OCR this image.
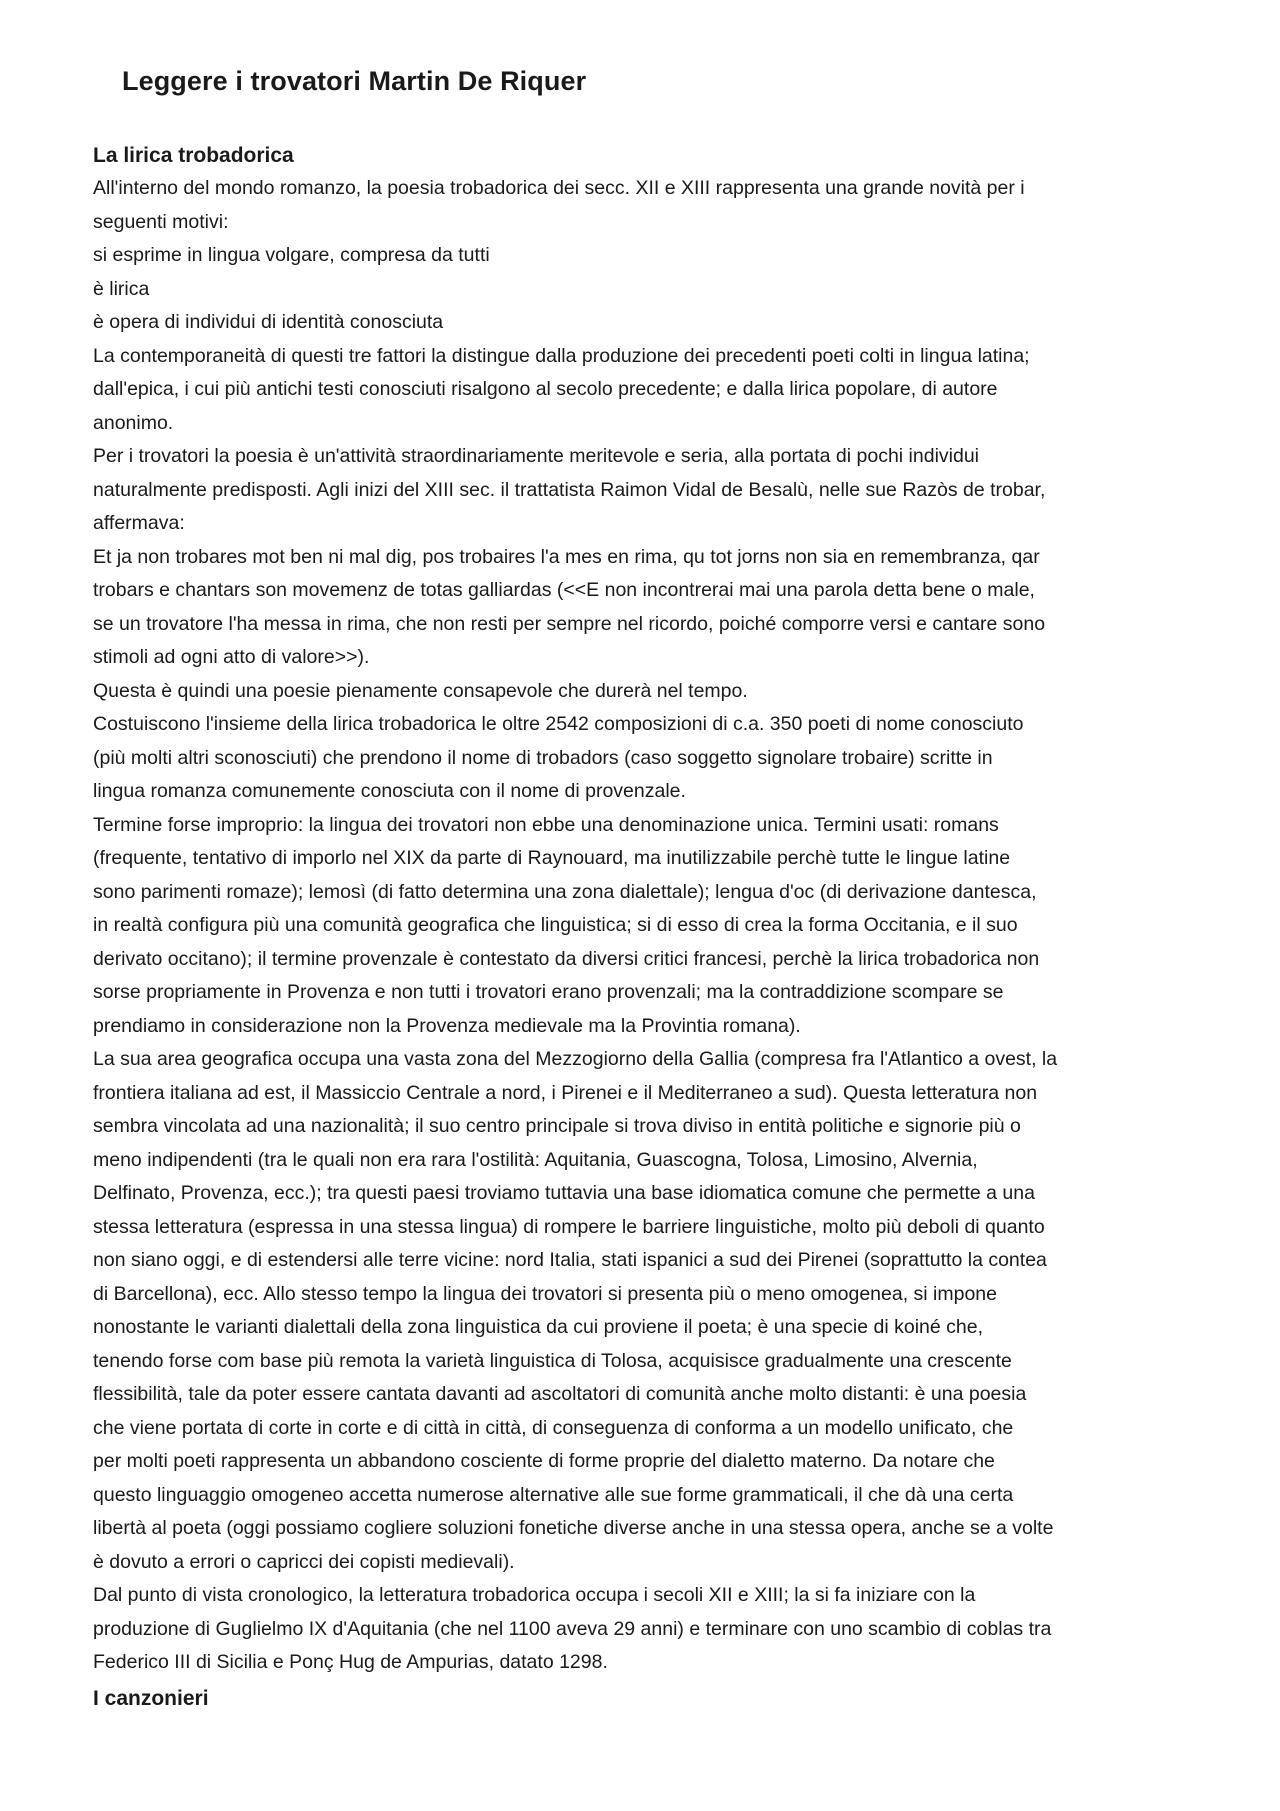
Leggere i trovatori Martin De Riquer
La lirica trobadorica

All'interno del mondo romanzo, la poesia trobadorica dei secc. XII e XIII rappresenta una grande novità per i

seguenti motivi:

si esprime in lingua volgare, compresa da tutti

è lirica

è opera di individui di identità conosciuta

La contemporaneità di questi tre fattori la distingue dalla produzione dei precedenti poeti colti in lingua latina;

dall'epica, i cui più antichi testi conosciuti risalgono al secolo precedente; e dalla lirica popolare, di autore

anonimo.

Per i trovatori la poesia è un'attività straordinariamente meritevole e seria, alla portata di pochi individui

naturalmente predisposti. Agli inizi del XIII sec. il trattatista Raimon Vidal de Besalù, nelle sue Razòs de trobar,

affermava:

Et ja non trobares mot ben ni mal dig, pos trobaires l'a mes en rima, qu tot jorns non sia en remembranza, qar

trobars e chantars son movemenz de totas galliardas (<<E non incontrerai mai una parola detta bene o male,

se un trovatore l'ha messa in rima, che non resti per sempre nel ricordo, poiché comporre versi e cantare sono

stimoli ad ogni atto di valore>>).

Questa è quindi una poesie pienamente consapevole che durerà nel tempo.

Costuiscono l'insieme della lirica trobadorica le oltre 2542 composizioni di c.a. 350 poeti di nome conosciuto

(più molti altri sconosciuti) che prendono il nome di trobadors (caso soggetto signolare trobaire) scritte in

lingua romanza comunemente conosciuta con il nome di provenzale.

Termine forse improprio: la lingua dei trovatori non ebbe una denominazione unica. Termini usati: romans

(frequente, tentativo di imporlo nel XIX da parte di Raynouard, ma inutilizzabile perchè tutte le lingue latine

sono parimenti romaze); lemosì (di fatto determina una zona dialettale); lengua d'oc (di derivazione dantesca,

in realtà configura più una comunità geografica che linguistica; si di esso di crea la forma Occitania, e il suo

derivato occitano); il termine provenzale è contestato da diversi critici francesi, perchè la lirica trobadorica non

sorse propriamente in Provenza e non tutti i trovatori erano provenzali; ma la contraddizione scompare se

prendiamo in considerazione non la Provenza medievale ma la Provintia romana).

La sua area geografica occupa una vasta zona del Mezzogiorno della Gallia (compresa fra l'Atlantico a ovest, la

frontiera italiana ad est, il Massiccio Centrale a nord, i Pirenei e il Mediterraneo a sud). Questa letteratura non

sembra vincolata ad una nazionalità; il suo centro principale si trova diviso in entità politiche e signorie più o

meno indipendenti (tra le quali non era rara l'ostilità: Aquitania, Guascogna, Tolosa, Limosino, Alvernia,

Delfinato, Provenza, ecc.); tra questi paesi troviamo tuttavia una base idiomatica comune che permette a una

stessa letteratura (espressa in una stessa lingua) di rompere le barriere linguistiche, molto più deboli di quanto

non siano oggi, e di estendersi alle terre vicine: nord Italia, stati ispanici a sud dei Pirenei (soprattutto la contea

di Barcellona), ecc. Allo stesso tempo la lingua dei trovatori si presenta più o meno omogenea, si impone

nonostante le varianti dialettali della zona linguistica da cui proviene il poeta; è una specie di koiné che,

tenendo forse com base più remota la varietà linguistica di Tolosa, acquisisce gradualmente una crescente

flessibilità, tale da poter essere cantata davanti ad ascoltatori di comunità anche molto distanti: è una poesia

che viene portata di corte in corte e di città in città, di conseguenza di conforma a un modello unificato, che

per molti poeti rappresenta un abbandono cosciente di forme proprie del dialetto materno. Da notare che

questo linguaggio omogeneo accetta numerose alternative alle sue forme grammaticali, il che dà una certa

libertà al poeta (oggi possiamo cogliere soluzioni fonetiche diverse anche in una stessa opera, anche se a volte

è dovuto a errori o capricci dei copisti medievali).

Dal punto di vista cronologico, la letteratura trobadorica occupa i secoli XII e XIII; la si fa iniziare con la

produzione di Guglielmo IX d'Aquitania (che nel 1100 aveva 29 anni) e terminare con uno scambio di coblas tra

Federico III di Sicilia e Ponç Hug de Ampurias, datato 1298.

I canzonieri
